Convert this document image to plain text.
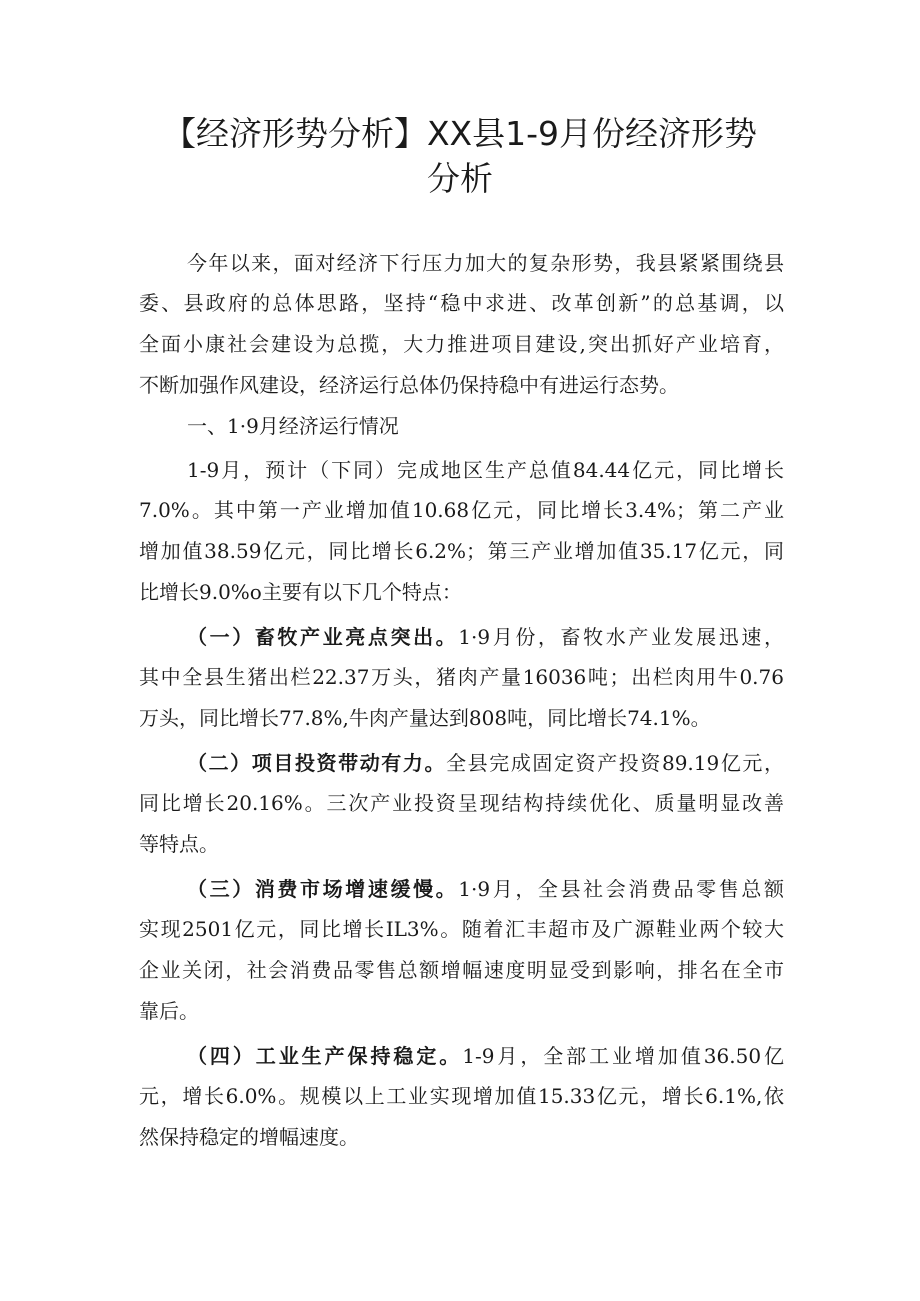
【经济形势分析】XX县1-9月份经济形势
分析
今年以来，面对经济下行压力加大的复杂形势，我县紧紧围绕县
委、县政府的总体思路，坚持“稳中求进、改革创新”的总基调，以
全面小康社会建设为总揽，大力推进项目建设,突出抓好产业培育，
不断加强作风建设，经济运行总体仍保持稳中有进运行态势。
一、1·9月经济运行情况
1-9月，预计（下同）完成地区生产总值84.44亿元，同比增长
7.0%。其中第一产业增加值10.68亿元，同比增长3.4%；第二产业
增加值38.59亿元，同比增长6.2%；第三产业增加值35.17亿元，同
比增长9.0%o主要有以下几个特点：
（一）畜牧产业亮点突出。1·9月份，畜牧水产业发展迅速，
其中全县生猪出栏22.37万头，猪肉产量16036吨；出栏肉用牛0.76
万头，同比增长77.8%,牛肉产量达到808吨，同比增长74.1%。
（二）项目投资带动有力。全县完成固定资产投资89.19亿元，
同比增长20.16%。三次产业投资呈现结构持续优化、质量明显改善
等特点。
（三）消费市场增速缓慢。1·9月，全县社会消费品零售总额
实现2501亿元，同比增长IL3%。随着汇丰超市及广源鞋业两个较大
企业关闭，社会消费品零售总额增幅速度明显受到影响，排名在全市
靠后。
（四）工业生产保持稳定。1-9月，全部工业增加值36.50亿
元，增长6.0%。规模以上工业实现增加值15.33亿元，增长6.1%,依
然保持稳定的增幅速度。
